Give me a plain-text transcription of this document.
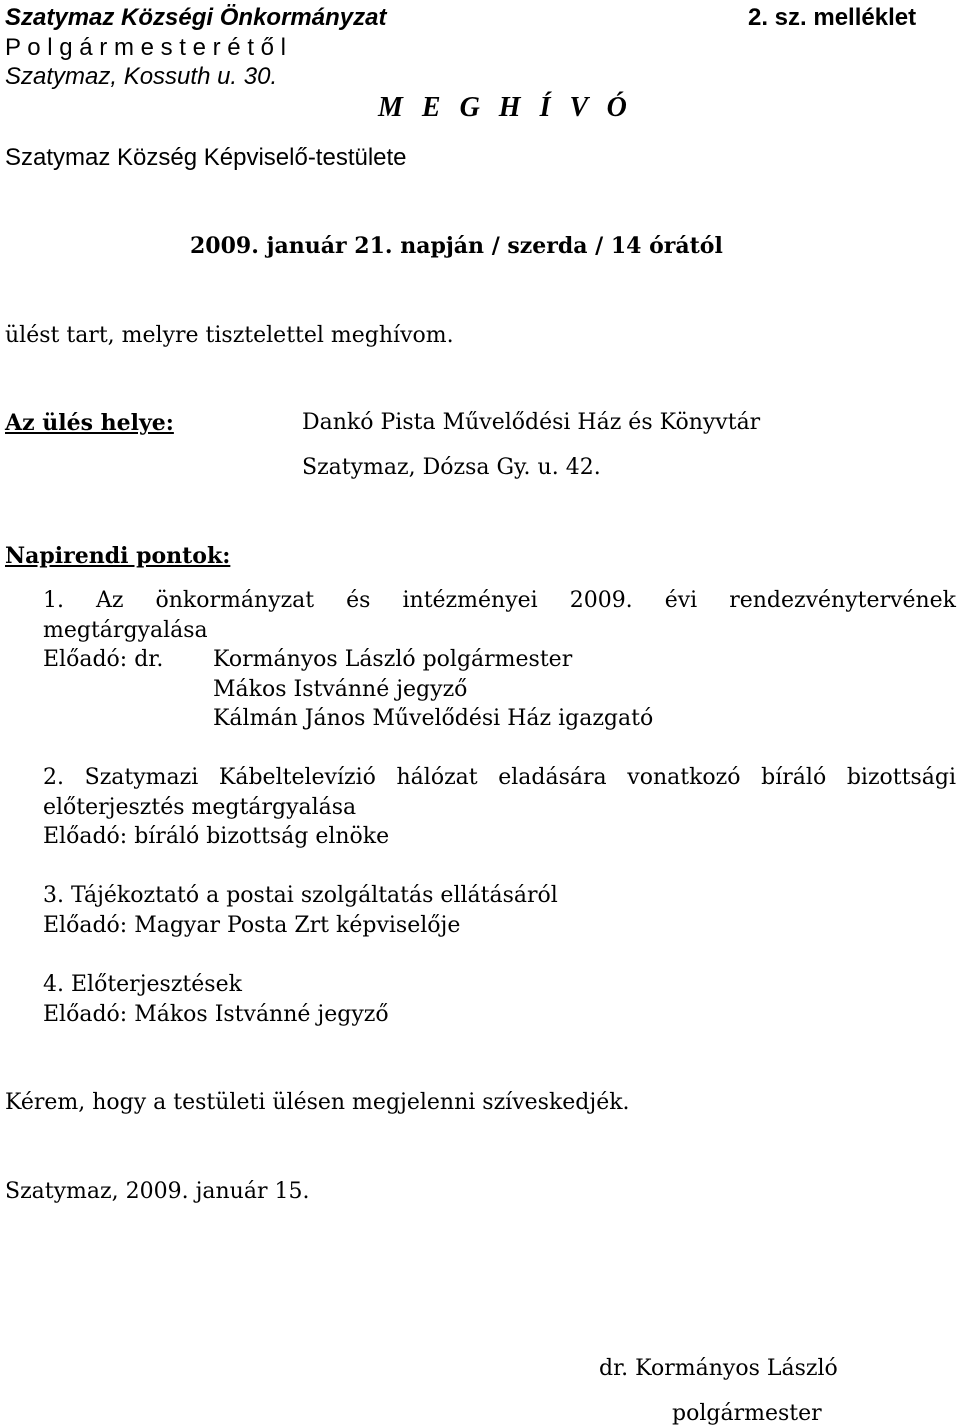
Szatymaz Községi Önkormányzat	2. sz. melléklet
P o l g á r m e s t e r é t ő l
Szatymaz, Kossuth u. 30.
M E G H Í V Ó
Szatymaz Község Képviselő-testülete
2009. január 21. napján / szerda / 14 órától
ülést tart, melyre tisztelettel meghívom.
Az ülés helye:	Dankó Pista Művelődési Ház és Könyvtár
Szatymaz, Dózsa Gy. u. 42.
Napirendi pontok:
1. Az önkormányzat és intézményei 2009. évi rendezvénytervének
megtárgyalása
Előadó: dr. Kormányos László polgármester
Mákos Istvánné jegyző
Kálmán János Művelődési Ház igazgató
2. Szatymazi Kábeltelevízió hálózat eladására vonatkozó bíráló bizottsági
előterjesztés megtárgyalása
Előadó: bíráló bizottság elnöke
3. Tájékoztató a postai szolgáltatás ellátásáról
Előadó: Magyar Posta Zrt képviselője
4. Előterjesztések
Előadó: Mákos Istvánné jegyző
Kérem, hogy a testületi ülésen megjelenni szíveskedjék.
Szatymaz, 2009. január 15.
dr. Kormányos László
polgármester
